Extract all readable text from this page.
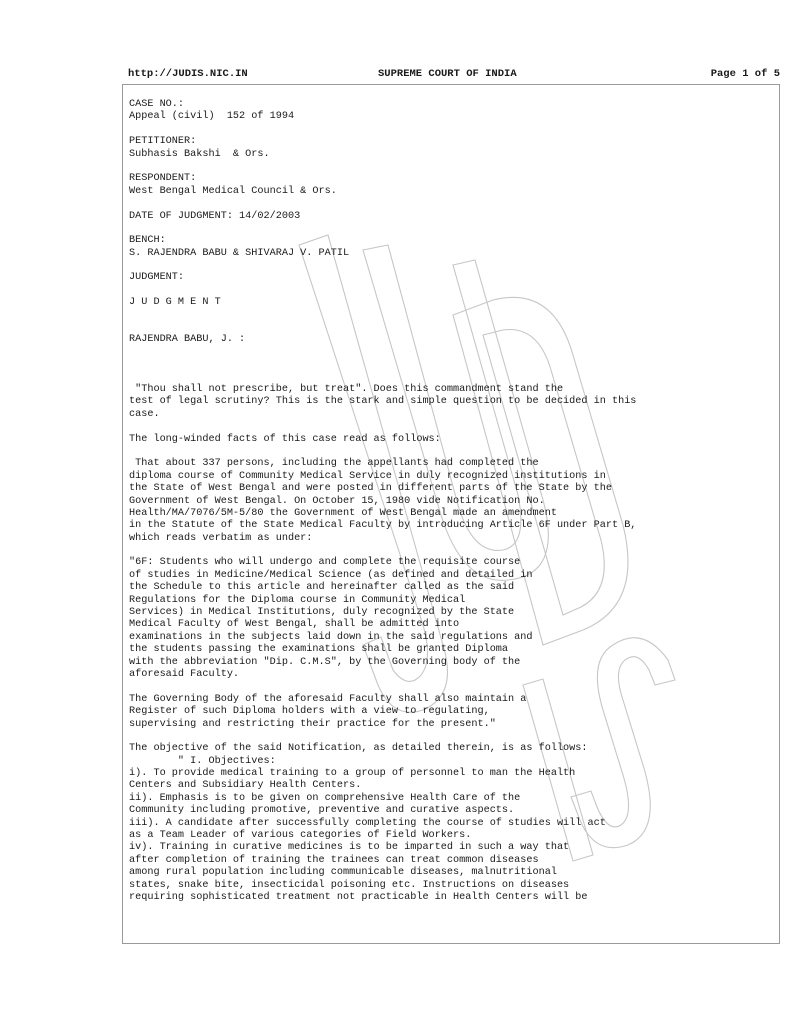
http://JUDIS.NIC.IN	SUPREME COURT OF INDIA	Page 1 of 5
CASE NO.:
Appeal (civil)  152 of 1994
PETITIONER:
Subhasis Bakshi  & Ors.
RESPONDENT:
West Bengal Medical Council & Ors.
DATE OF JUDGMENT: 14/02/2003
BENCH:
S. RAJENDRA BABU & SHIVARAJ V. PATIL
JUDGMENT:
J U D G M E N T
RAJENDRA BABU, J. :
"Thou shall not prescribe, but treat". Does this commandment stand the
test of legal scrutiny? This is the stark and simple question to be decided in this
case.
The long-winded facts of this case read as follows:
That about 337 persons, including the appellants had completed the
diploma course of Community Medical Service in duly recognized institutions in
the State of West Bengal and were posted in different parts of the State by the
Government of West Bengal. On October 15, 1980 vide Notification No.
Health/MA/7076/5M-5/80 the Government of West Bengal made an amendment
in the Statute of the State Medical Faculty by introducing Article 6F under Part B,
which reads verbatim as under:
"6F: Students who will undergo and complete the requisite course
of studies in Medicine/Medical Science (as defined and detailed in
the Schedule to this article and hereinafter called as the said
Regulations for the Diploma course in Community Medical
Services) in Medical Institutions, duly recognized by the State
Medical Faculty of West Bengal, shall be admitted into
examinations in the subjects laid down in the said regulations and
the students passing the examinations shall be granted Diploma
with the abbreviation "Dip. C.M.S", by the Governing body of the
aforesaid Faculty.
The Governing Body of the aforesaid Faculty shall also maintain a
Register of such Diploma holders with a view to regulating,
supervising and restricting their practice for the present."
The objective of the said Notification, as detailed therein, is as follows:
" I. Objectives:
i). To provide medical training to a group of personnel to man the Health
Centers and Subsidiary Health Centers.
ii). Emphasis is to be given on comprehensive Health Care of the
Community including promotive, preventive and curative aspects.
iii). A candidate after successfully completing the course of studies will act
as a Team Leader of various categories of Field Workers.
iv). Training in curative medicines is to be imparted in such a way that
after completion of training the trainees can treat common diseases
among rural population including communicable diseases, malnutritional
states, snake bite, insecticidal poisoning etc. Instructions on diseases
requiring sophisticated treatment not practicable in Health Centers will be
